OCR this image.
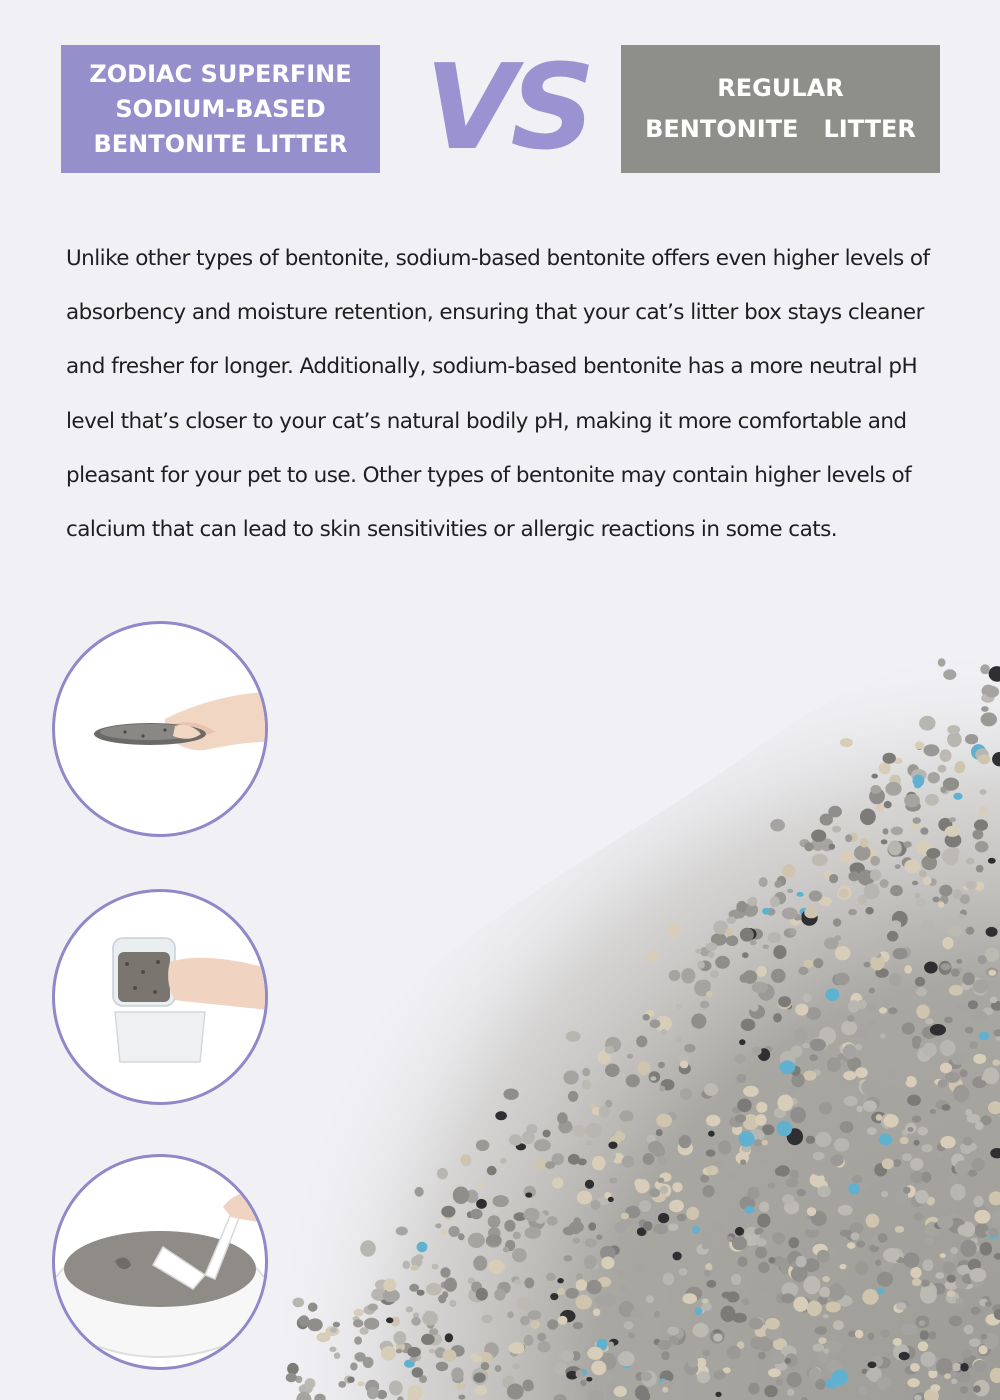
ZODIAC SUPERFINE
SODIUM-BASED
BENTONITE LITTER VS	REGULAR
BENTONITE   LITTER
Unlike other types of bentonite, sodium-based bentonite offers even higher levels of
absorbency and moisture retention, ensuring that your cat’s litter box stays cleaner
and fresher for longer. Additionally, sodium-based bentonite has a more neutral pH
level that’s closer to your cat’s natural bodily pH, making it more comfortable and
pleasant for your pet to use. Other types of bentonite may contain higher levels of
calcium that can lead to skin sensitivities or allergic reactions in some cats.
